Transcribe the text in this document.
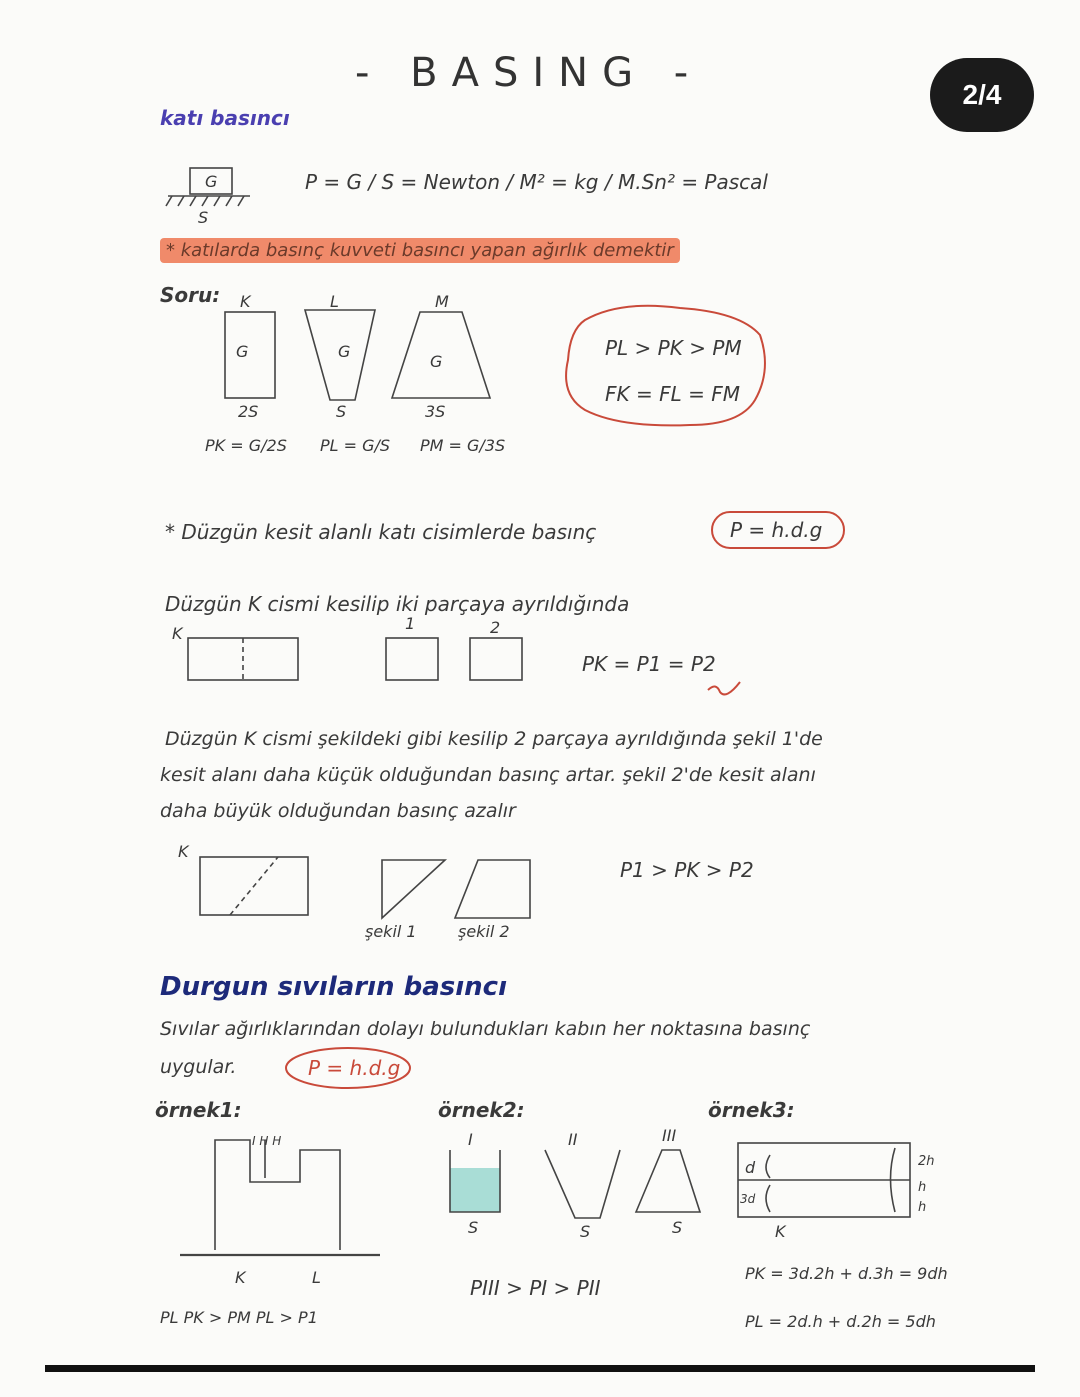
- BASING -	2/4
katı basıncı
G
S
P = G / S = Newton / M² = kg / M.Sn² = Pascal
* katılarda basınç kuvveti basıncı yapan ağırlık demektir
Soru: K	L	M
G	G
G
2S	S	3S
PK = G/2S PL = G/S PM = G/3S
PL > PK > PM
FK = FL = FM
* Düzgün kesit alanlı katı cisimlerde basınç	P = h.d.g
Düzgün K cismi kesilip iki parçaya ayrıldığında
K
1	2
PK = P1 = P2
Düzgün K cismi şekildeki gibi kesilip 2 parçaya ayrıldığında şekil 1'de
kesit alanı daha küçük olduğundan basınç artar. şekil 2'de kesit alanı
daha büyük olduğundan basınç azalır
K
şekil 1	şekil 2
P1 > PK > P2
Durgun sıvıların basıncı
Sıvılar ağırlıklarından dolayı bulundukları kabın her noktasına basınç
uygular.	P = h.d.g
örnek1:
I H H
K	L
PL PK > PM PL > P1
örnek2:
I	II	III
S	S	S
PIII > PI > PII
örnek3:
d
3d
2h
h
h
K
PK = 3d.2h + d.3h = 9dh
PL = 2d.h + d.2h = 5dh
